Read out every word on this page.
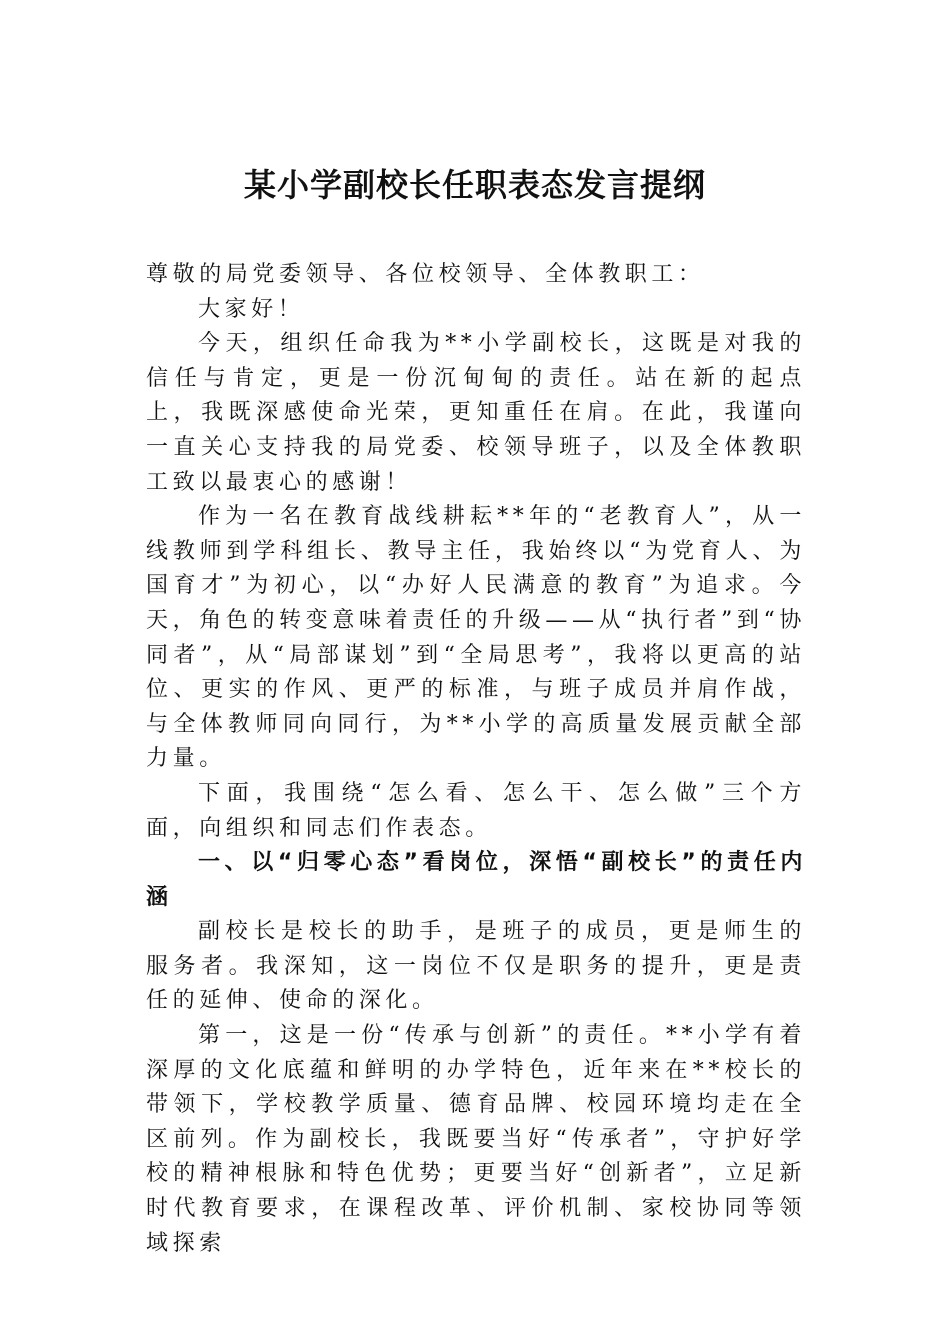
某小学副校长任职表态发言提纲

尊敬的局党委领导、各位校领导、全体教职工：

大家好！

今天，组织任命我为**小学副校长，这既是对我的信任与肯定，更是一份沉甸甸的责任。站在新的起点上，我既深感使命光荣，更知重任在肩。在此，我谨向一直关心支持我的局党委、校领导班子，以及全体教职工致以最衷心的感谢！

作为一名在教育战线耕耘**年的“老教育人”，从一线教师到学科组长、教导主任，我始终以“为党育人、为国育才”为初心，以“办好人民满意的教育”为追求。今天，角色的转变意味着责任的升级——从“执行者”到“协同者”，从“局部谋划”到“全局思考”，我将以更高的站位、更实的作风、更严的标准，与班子成员并肩作战，与全体教师同向同行，为**小学的高质量发展贡献全部力量。

下面，我围绕“怎么看、怎么干、怎么做”三个方面，向组织和同志们作表态。

一、以“归零心态”看岗位，深悟“副校长”的责任内涵

副校长是校长的助手，是班子的成员，更是师生的服务者。我深知，这一岗位不仅是职务的提升，更是责任的延伸、使命的深化。

第一，这是一份“传承与创新”的责任。**小学有着深厚的文化底蕴和鲜明的办学特色，近年来在**校长的带领下，学校教学质量、德育品牌、校园环境均走在全区前列。作为副校长，我既要当好“传承者”，守护好学校的精神根脉和特色优势；更要当好“创新者”，立足新时代教育要求，在课程改革、评价机制、家校协同等领域探索
